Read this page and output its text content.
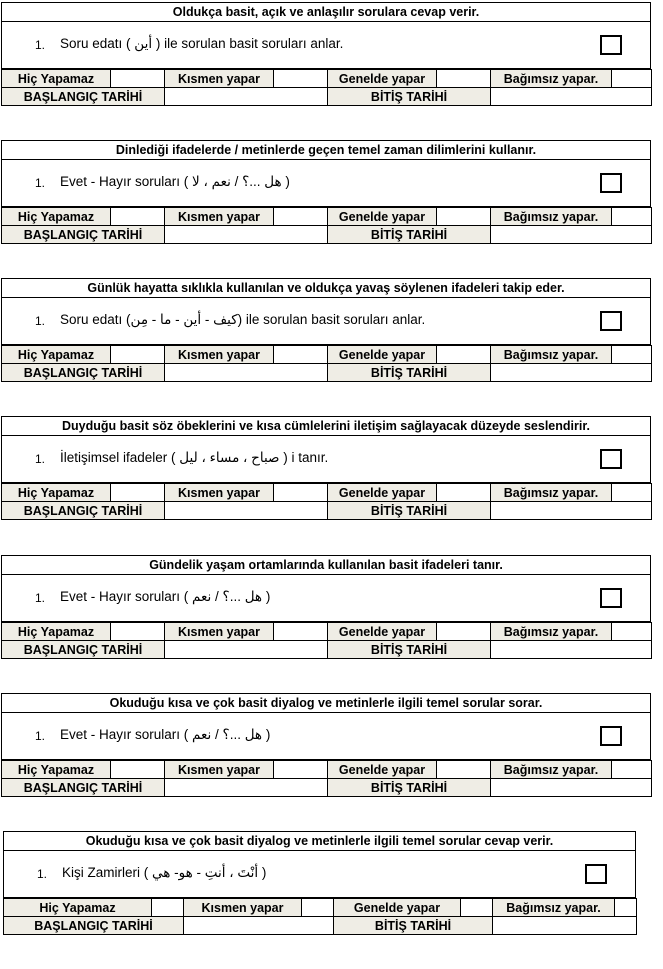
Oldukça basit, açık ve anlaşılır sorulara cevap verir.
1. Soru edatı ( أين ) ile sorulan basit soruları anlar.
Hiç Yapamaz		Kısmen yapar		Genelde yapar		Bağımsız yapar.	
BAŞLANGIÇ TARİHİ				BİTİŞ TARİHİ			
Dinlediği ifadelerde / metinlerde geçen temel zaman dilimlerini kullanır.
1. Evet - Hayır soruları ( هل ...؟ / نعم ، لا )
Hiç Yapamaz		Kısmen yapar		Genelde yapar		Bağımsız yapar.	
BAŞLANGIÇ TARİHİ				BİTİŞ TARİHİ			
Günlük hayatta sıklıkla kullanılan ve oldukça yavaş söylenen ifadeleri takip eder.
1. Soru edatı (كيف - أين - ما - مِن) ile sorulan basit soruları anlar.
Hiç Yapamaz		Kısmen yapar		Genelde yapar		Bağımsız yapar.	
BAŞLANGIÇ TARİHİ				BİTİŞ TARİHİ			
Duyduğu basit söz öbeklerini ve kısa cümlelerini iletişim sağlayacak düzeyde seslendirir.
1. İletişimsel ifadeler ( صباح ، مساء ، ليل ) i tanır.
Hiç Yapamaz		Kısmen yapar		Genelde yapar		Bağımsız yapar.	
BAŞLANGIÇ TARİHİ				BİTİŞ TARİHİ			
Gündelik yaşam ortamlarında kullanılan basit ifadeleri tanır.
1. Evet - Hayır soruları ( هل ...؟ / نعم )
Hiç Yapamaz		Kısmen yapar		Genelde yapar		Bağımsız yapar.	
BAŞLANGIÇ TARİHİ				BİTİŞ TARİHİ			
Okuduğu kısa ve çok basit diyalog ve metinlerle ilgili temel sorular sorar.
1. Evet - Hayır soruları ( هل ...؟ / نعم )
Hiç Yapamaz		Kısmen yapar		Genelde yapar		Bağımsız yapar.	
BAŞLANGIÇ TARİHİ				BİTİŞ TARİHİ			
Okuduğu kısa ve çok basit diyalog ve metinlerle ilgili temel sorular cevap verir.
1. Kişi Zamirleri ( أنْتَ ، أنتِ - هو- هي )
Hiç Yapamaz		Kısmen yapar		Genelde yapar		Bağımsız yapar.	
BAŞLANGIÇ TARİHİ				BİTİŞ TARİHİ			
